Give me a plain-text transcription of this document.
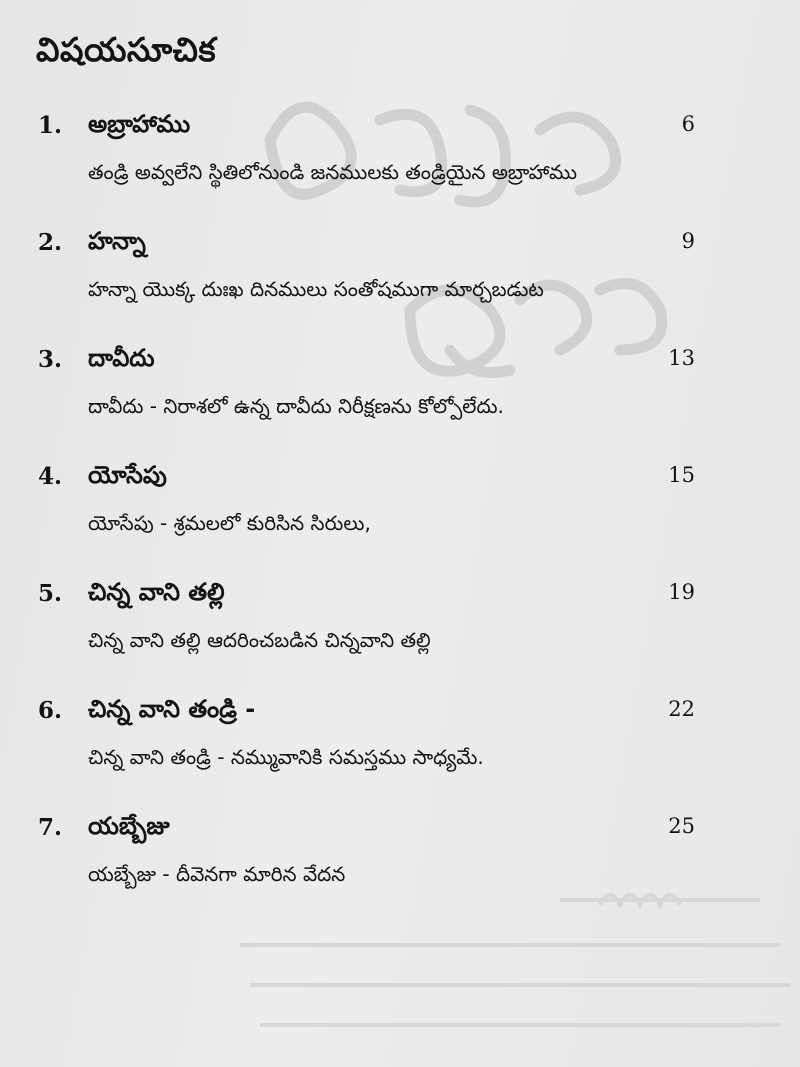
విషయసూచిక
1. అబ్రాహాము	6
తండ్రి అవ్వలేని స్థితిలోనుండి జనములకు తండ్రియైన అబ్రాహాము
2. హన్నా	9
హన్నా యొక్క దుఃఖ దినములు సంతోషముగా మార్చబడుట
3. దావీదు	13
దావీదు - నిరాశలో ఉన్న దావీదు నిరీక్షణను కోల్పోలేదు.
4. యోసేపు	15
యోసేపు - శ్రమలలో కురిసిన సిరులు,
5. చిన్న వాని తల్లి	19
చిన్న వాని తల్లి ఆదరించబడిన చిన్నవాని తల్లి
6. చిన్న వాని తండ్రి -	22
చిన్న వాని తండ్రి - నమ్మువానికి సమస్తము సాధ్యమే.
7. యబ్బేజు	25
యబ్బేజు - దీవెనగా మారిన వేదన
